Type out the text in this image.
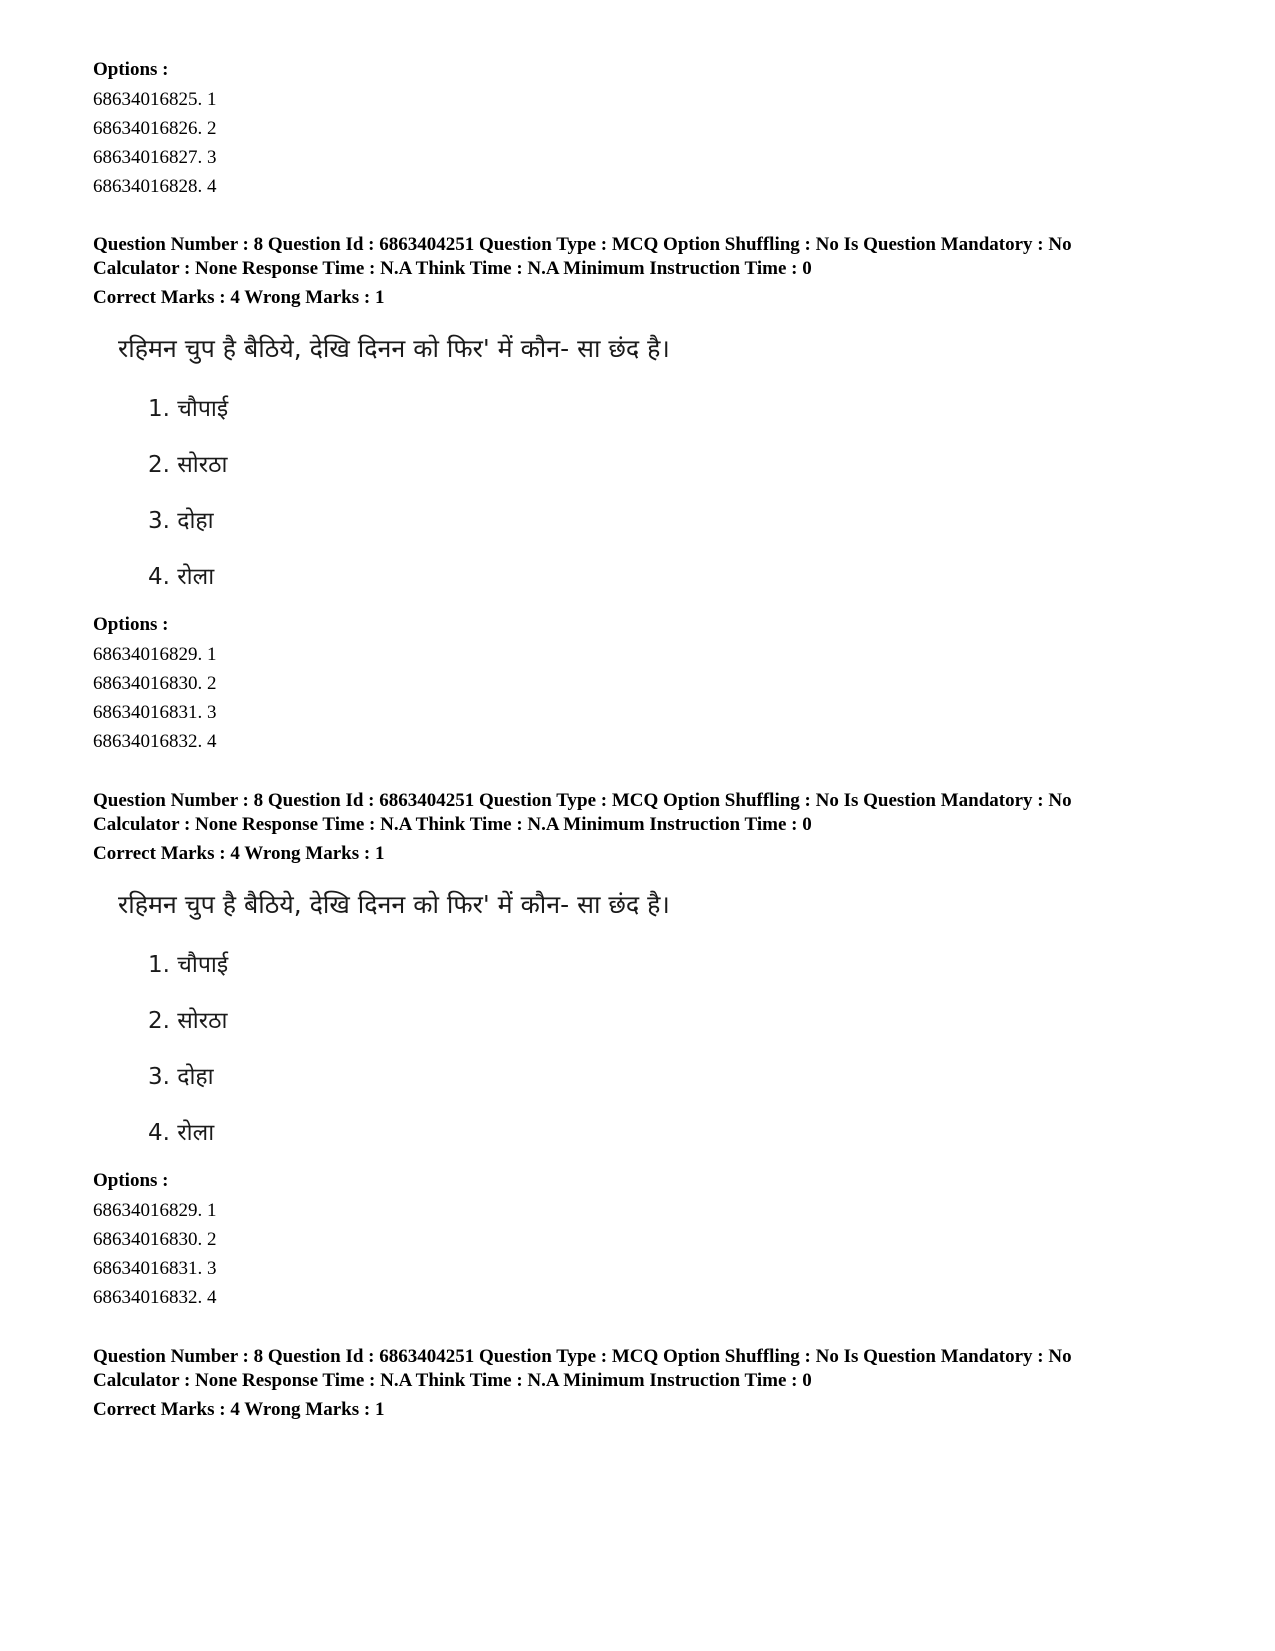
Options :
68634016825. 1
68634016826. 2
68634016827. 3
68634016828. 4
Question Number : 8 Question Id : 6863404251 Question Type : MCQ Option Shuffling : No Is Question Mandatory : No
Calculator : None Response Time : N.A Think Time : N.A Minimum Instruction Time : 0
Correct Marks : 4 Wrong Marks : 1
रहिमन चुप है बैठिये, देखि दिनन को फिर' में कौन- सा छंद है।
1. चौपाई
2. सोरठा
3. दोहा
4. रोला
Options :
68634016829. 1
68634016830. 2
68634016831. 3
68634016832. 4
Question Number : 8 Question Id : 6863404251 Question Type : MCQ Option Shuffling : No Is Question Mandatory : No
Calculator : None Response Time : N.A Think Time : N.A Minimum Instruction Time : 0
Correct Marks : 4 Wrong Marks : 1
रहिमन चुप है बैठिये, देखि दिनन को फिर' में कौन- सा छंद है।
1. चौपाई
2. सोरठा
3. दोहा
4. रोला
Options :
68634016829. 1
68634016830. 2
68634016831. 3
68634016832. 4
Question Number : 8 Question Id : 6863404251 Question Type : MCQ Option Shuffling : No Is Question Mandatory : No
Calculator : None Response Time : N.A Think Time : N.A Minimum Instruction Time : 0
Correct Marks : 4 Wrong Marks : 1
